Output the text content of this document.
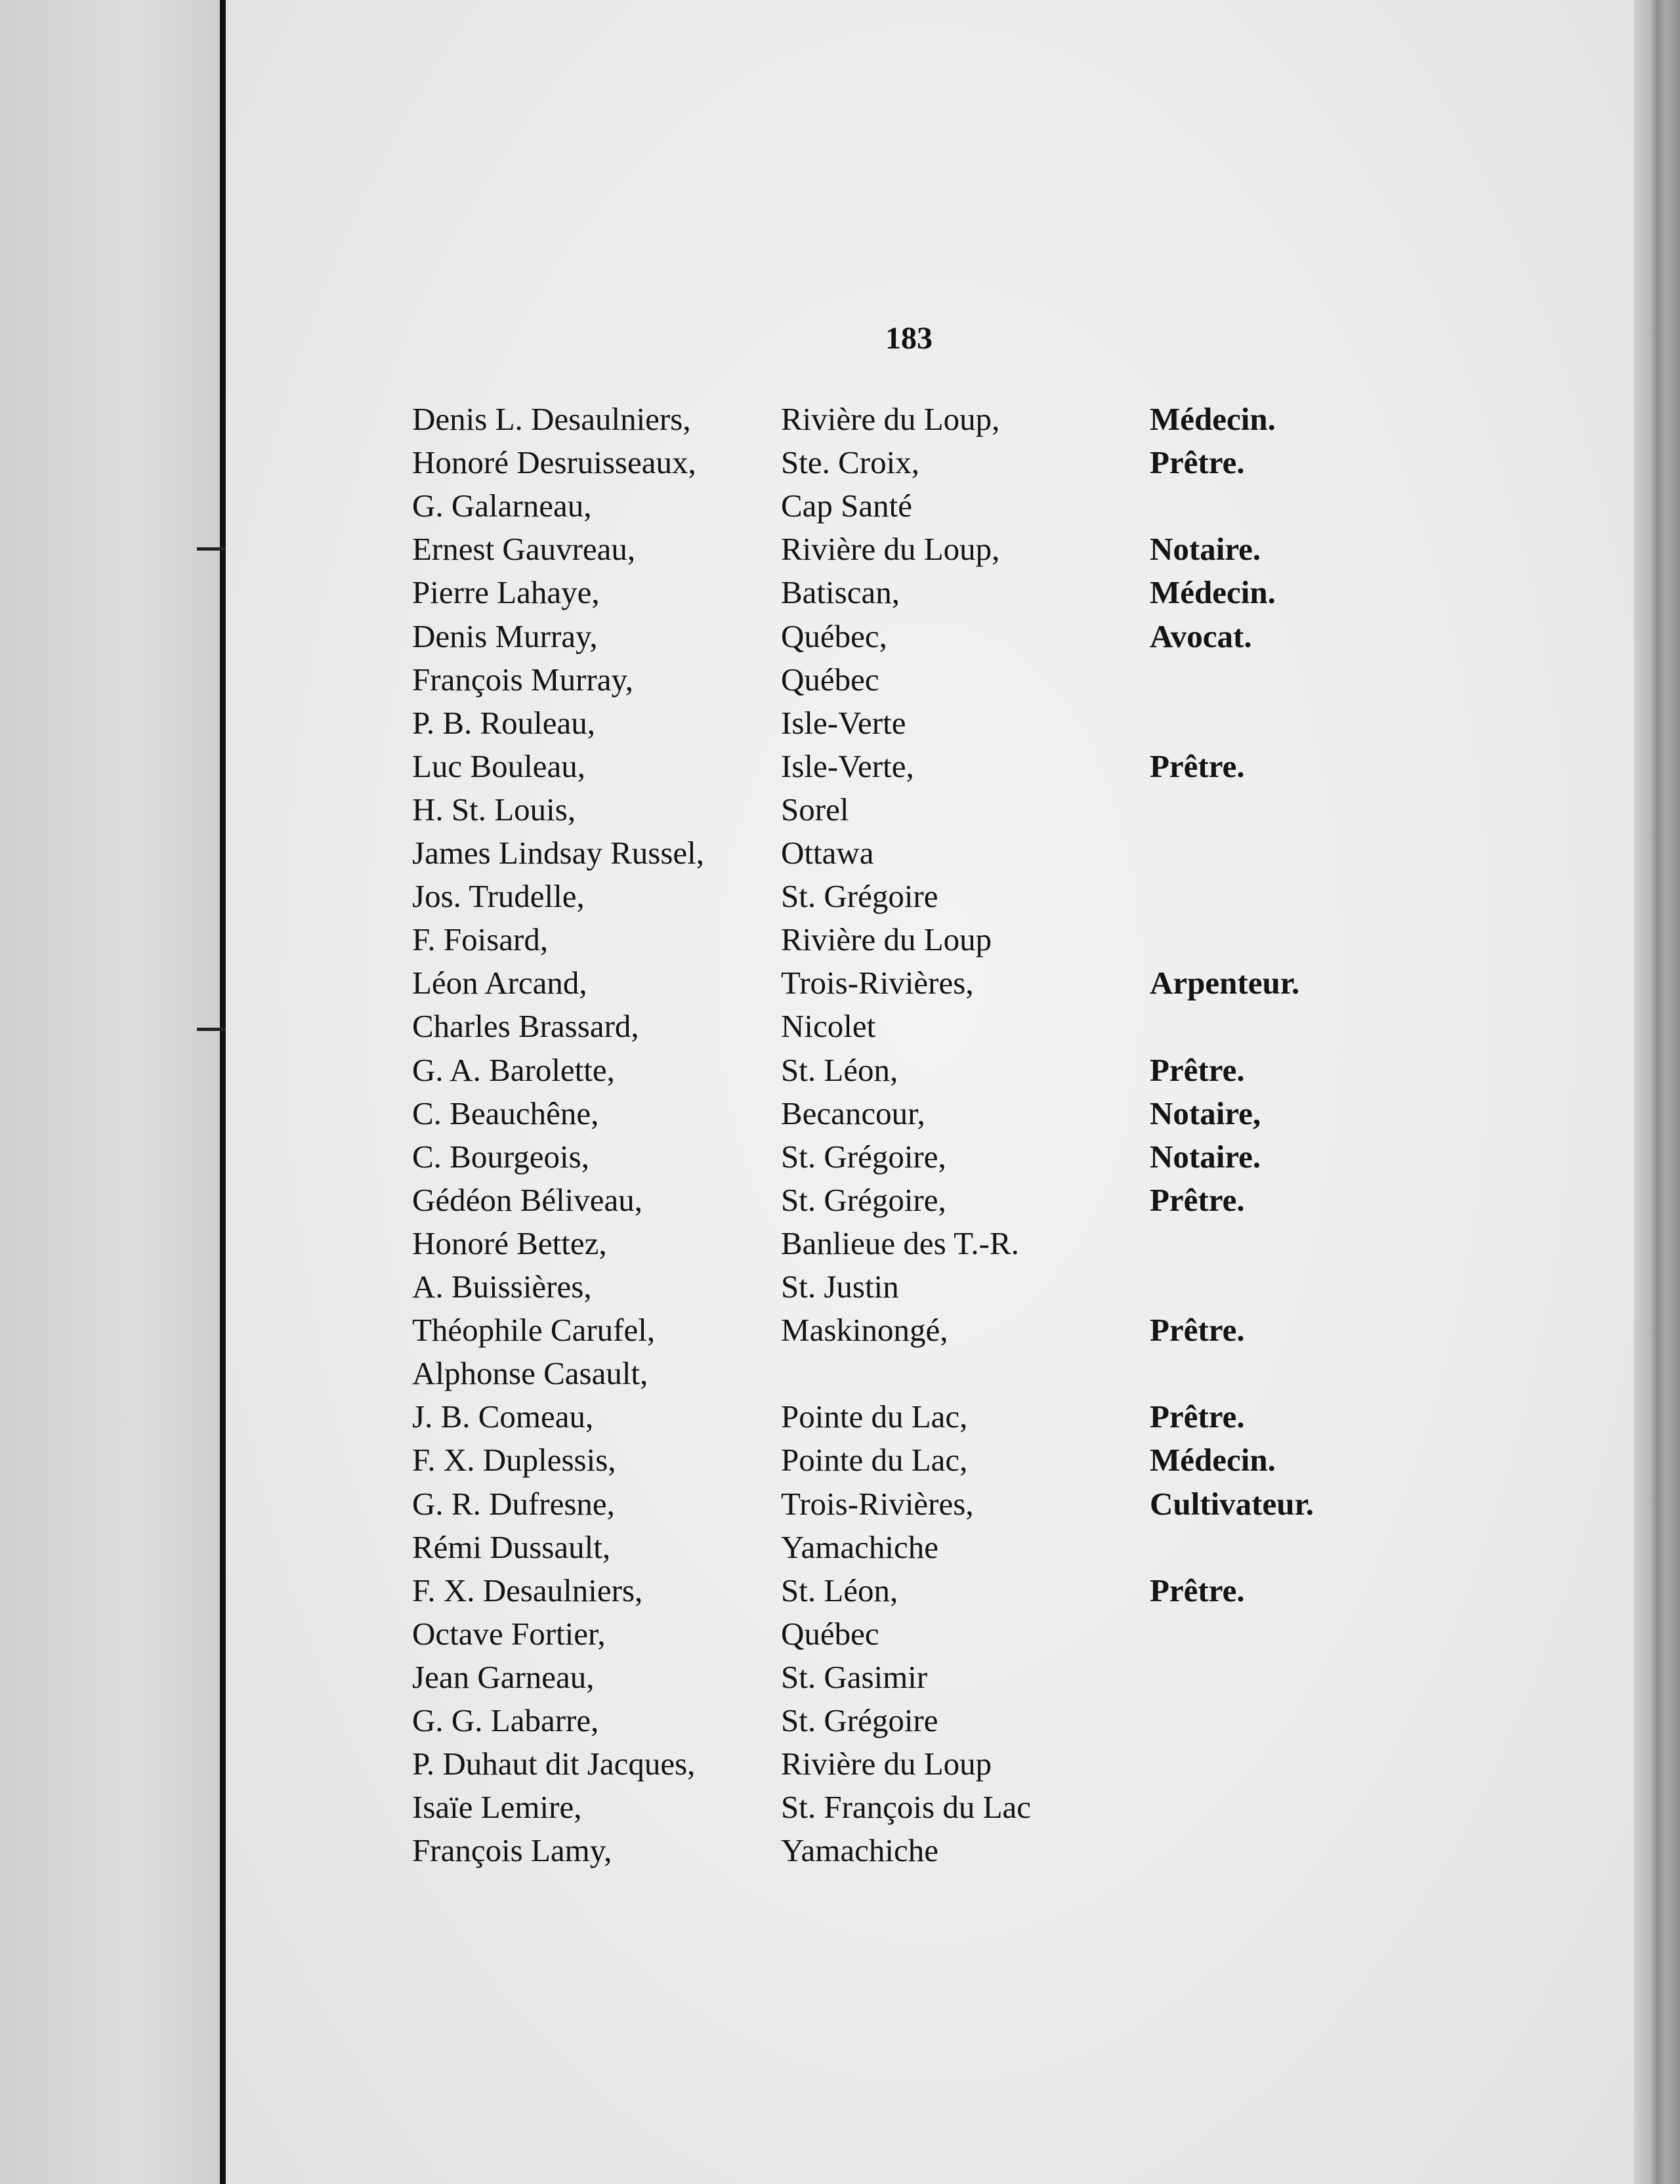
183
Denis L. Desaulniers,	Rivière du Loup,	Médecin.
Honoré Desruisseaux,	Ste. Croix,	Prêtre.
G. Galarneau,	Cap Santé
Ernest Gauvreau,	Rivière du Loup,	Notaire.
Pierre Lahaye,	Batiscan,	Médecin.
Denis Murray,	Québec,	Avocat.
François Murray,	Québec
P. B. Rouleau,	Isle-Verte
Luc Bouleau,	Isle-Verte,	Prêtre.
H. St. Louis,	Sorel
James Lindsay Russel, Ottawa
Jos. Trudelle,	St. Grégoire
F. Foisard,	Rivière du Loup
Léon Arcand,	Trois-Rivières,	Arpenteur.
Charles Brassard,	Nicolet
G. A. Barolette,	St. Léon,	Prêtre.
C. Beauchêne,	Becancour,	Notaire,
C. Bourgeois,	St. Grégoire,	Notaire.
Gédéon Béliveau,	St. Grégoire,	Prêtre.
Honoré Bettez,	Banlieue des T.-R.
A. Buissières,	St. Justin
Théophile Carufel,	Maskinongé,	Prêtre.
Alphonse Casault,
J. B. Comeau,	Pointe du Lac,	Prêtre.
F. X. Duplessis,	Pointe du Lac,	Médecin.
G. R. Dufresne,	Trois-Rivières,	Cultivateur.
Rémi Dussault,	Yamachiche
F. X. Desaulniers,	St. Léon,	Prêtre.
Octave Fortier,	Québec
Jean Garneau,	St. Gasimir
G. G. Labarre,	St. Grégoire
P. Duhaut dit Jacques,	Rivière du Loup
Isaïe Lemire,	St. François du Lac
François Lamy,	Yamachiche
